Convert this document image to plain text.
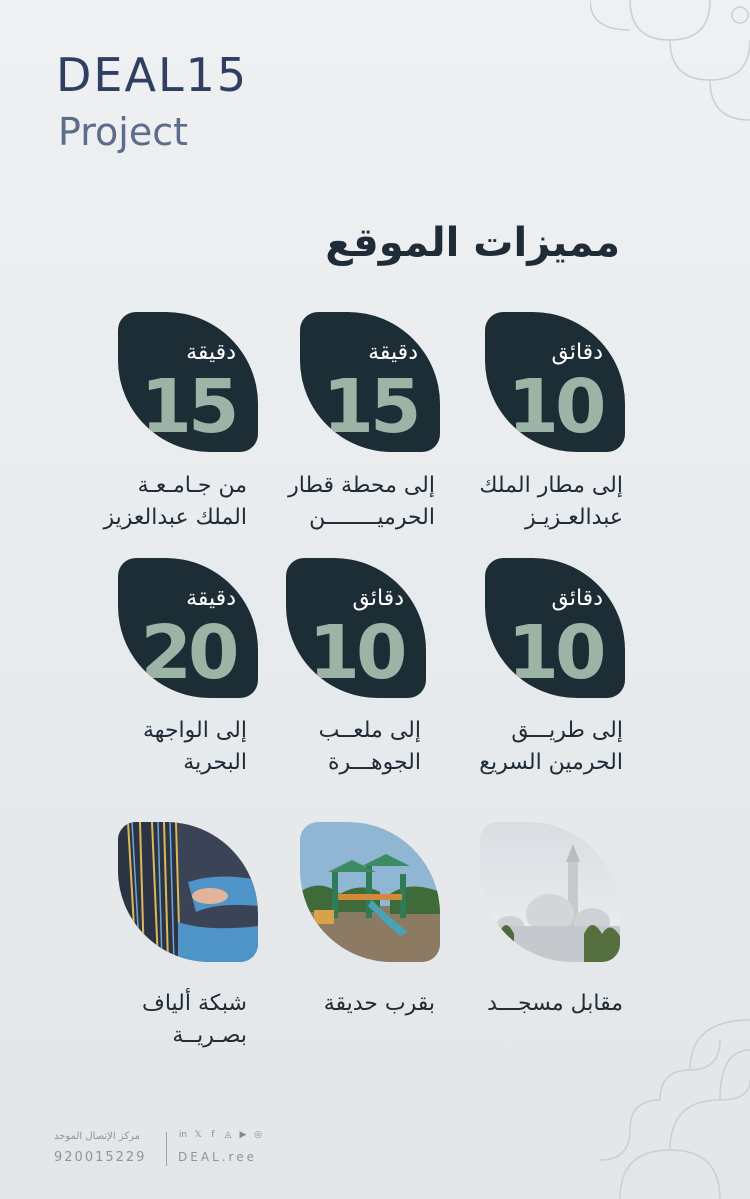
DEAL15
Project
مميزات الموقع
دقائق
10
دقيقة
15
دقيقة
15
إلى مطار الملك
عبدالعـزيـز
إلى محطة قطار
الحرميــــــــن
من جـامـعـة
الملك عبدالعزيز
دقائق
10
دقائق
10
دقيقة
20
إلى طريـــق
الحرمين السريع
إلى ملعــب
الجوهـــرة
إلى الواجهة
البحرية
مقابل مسجـــد
بقرب حديقة
شبكة ألياف
بصـريــة
مركز الإتصال الموحد
920015229
in 𝕏	f	◬ ▶ ◎
DEAL.ree
